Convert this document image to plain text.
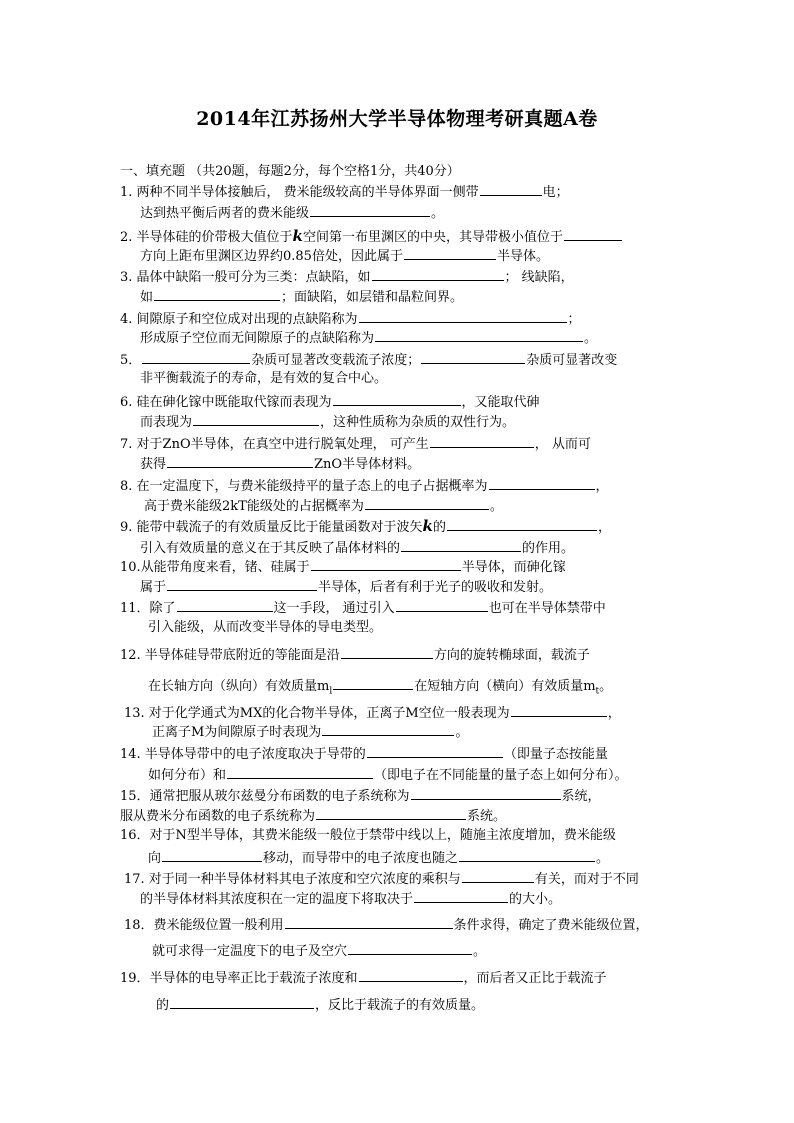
2014年江苏扬州大学半导体物理考研真题A卷
一、填充题 （共20题，每题2分，每个空格1分，共40分）
1. 两种不同半导体接触后， 费米能级较高的半导体界面一侧带	电；
达到热平衡后两者的费米能级	。
2. 半导体硅的价带极大值位于k空间第一布里渊区的中央，其导带极小值位于
方向上距布里渊区边界约0.85倍处，因此属于	半导体。
3. 晶体中缺陷一般可分为三类：点缺陷，如	； 线缺陷，
如	；面缺陷，如层错和晶粒间界。
4. 间隙原子和空位成对出现的点缺陷称为	；
形成原子空位而无间隙原子的点缺陷称为	。
5．	杂质可显著改变载流子浓度；	杂质可显著改变
非平衡载流子的寿命，是有效的复合中心。
6. 硅在砷化镓中既能取代镓而表现为	，又能取代砷
而表现为	，这种性质称为杂质的双性行为。
7. 对于ZnO半导体，在真空中进行脱氧处理， 可产生	， 从而可
获得	ZnO半导体材料。
8. 在一定温度下，与费米能级持平的量子态上的电子占据概率为	，
高于费米能级2kT能级处的占据概率为	。
9. 能带中载流子的有效质量反比于能量函数对于波矢k的	，
引入有效质量的意义在于其反映了晶体材料的	的作用。
10.从能带角度来看，锗、硅属于	半导体，而砷化镓
属于	半导体，后者有利于光子的吸收和发射。
11．除了	这一手段， 通过引入	也可在半导体禁带中
引入能级，从而改变半导体的导电类型。
12. 半导体硅导带底附近的等能面是沿	方向的旋转椭球面，载流子
在长轴方向（纵向）有效质量$m_l$	在短轴方向（横向）有效质量$m_t$。
13. 对于化学通式为MX的化合物半导体，正离子M空位一般表现为	，
正离子M为间隙原子时表现为	。
14. 半导体导带中的电子浓度取决于导带的	（即量子态按能量
如何分布）和	（即电子在不同能量的量子态上如何分布）。
15．通常把服从玻尔兹曼分布函数的电子系统称为	系统，
服从费米分布函数的电子系统称为	系统。
16．对于N型半导体，其费米能级一般位于禁带中线以上，随施主浓度增加，费米能级
向	移动，而导带中的电子浓度也随之	。
17. 对于同一种半导体材料其电子浓度和空穴浓度的乘积与	有关，而对于不同
的半导体材料其浓度积在一定的温度下将取决于	的大小。
18．费米能级位置一般利用	条件求得，确定了费米能级位置，
就可求得一定温度下的电子及空穴	。
19．半导体的电导率正比于载流子浓度和	，而后者又正比于载流子
的	，反比于载流子的有效质量。
